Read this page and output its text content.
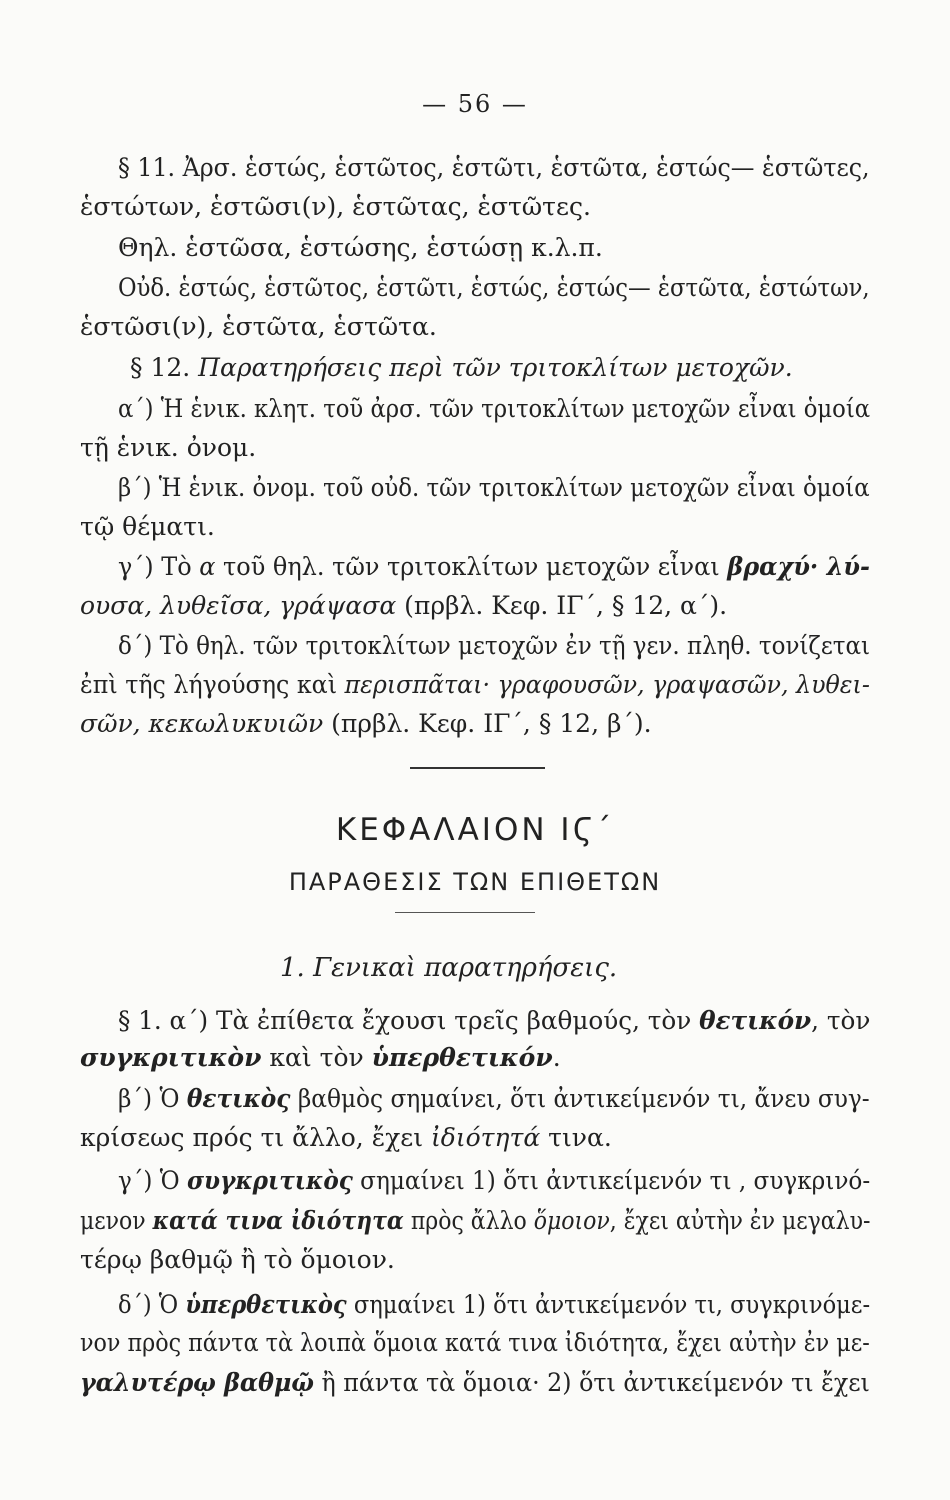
— 56 —
§ 11. Ἀρσ. ἑστώς, ἑστῶτος, ἑστῶτι, ἑστῶτα, ἑστώς— ἑστῶτες,
ἑστώτων, ἑστῶσι(ν), ἑστῶτας, ἑστῶτες.
Θηλ. ἑστῶσα, ἑστώσης, ἑστώσῃ κ.λ.π.
Οὐδ. ἑστώς, ἑστῶτος, ἑστῶτι, ἑστώς, ἑστώς— ἑστῶτα, ἑστώτων,
ἑστῶσι(ν), ἑστῶτα, ἑστῶτα.
§ 12. Παρατηρήσεις περὶ τῶν τριτοκλίτων μετοχῶν.
α΄) Ἡ ἑνικ. κλητ. τοῦ ἀρσ. τῶν τριτοκλίτων μετοχῶν εἶναι ὁμοία
τῇ ἑνικ. ὀνομ.
β΄) Ἡ ἑνικ. ὀνομ. τοῦ οὐδ. τῶν τριτοκλίτων μετοχῶν εἶναι ὁμοία
τῷ θέματι.
γ΄) Τὸ α τοῦ θηλ. τῶν τριτοκλίτων μετοχῶν εἶναι βραχύ· λύ-
ουσα, λυθεῖσα, γράψασα (πρβλ. Κεφ. ΙΓ΄, § 12, α΄).
δ΄) Τὸ θηλ. τῶν τριτοκλίτων μετοχῶν ἐν τῇ γεν. πληθ. τονίζεται
ἐπὶ τῆς λήγούσης καὶ περισπᾶται· γραφουσῶν, γραψασῶν, λυθει-
σῶν, κεκωλυκυιῶν (πρβλ. Κεφ. ΙΓ΄, § 12, β΄).
ΚΕΦΑΛΑΙΟΝ ΙϚ΄
ΠΑΡΑΘΕΣΙΣ ΤΩΝ ΕΠΙΘΕΤΩΝ
1. Γενικαὶ παρατηρήσεις.
§ 1. α΄) Τὰ ἐπίθετα ἔχουσι τρεῖς βαθμούς, τὸν θετικόν, τὸν
συγκριτικὸν καὶ τὸν ὑπερθετικόν.
β΄) Ὁ θετικὸς βαθμὸς σημαίνει, ὅτι ἀντικείμενόν τι, ἄνευ συγ-
κρίσεως πρός τι ἄλλο, ἔχει ἰδιότητά τινα.
γ΄) Ὁ συγκριτικὸς σημαίνει 1) ὅτι ἀντικείμενόν τι , συγκρινό-
μενον κατά τινα ἰδιότητα πρὸς ἄλλο ὅμοιον, ἔχει αὐτὴν ἐν μεγαλυ-
τέρῳ βαθμῷ ἢ τὸ ὅμοιον.
δ΄) Ὁ ὑπερθετικὸς σημαίνει 1) ὅτι ἀντικείμενόν τι, συγκρινόμε-
νον πρὸς πάντα τὰ λοιπὰ ὅμοια κατά τινα ἰδιότητα, ἔχει αὐτὴν ἐν με-
γαλυτέρῳ βαθμῷ ἢ πάντα τὰ ὅμοια· 2) ὅτι ἀντικείμενόν τι ἔχει
